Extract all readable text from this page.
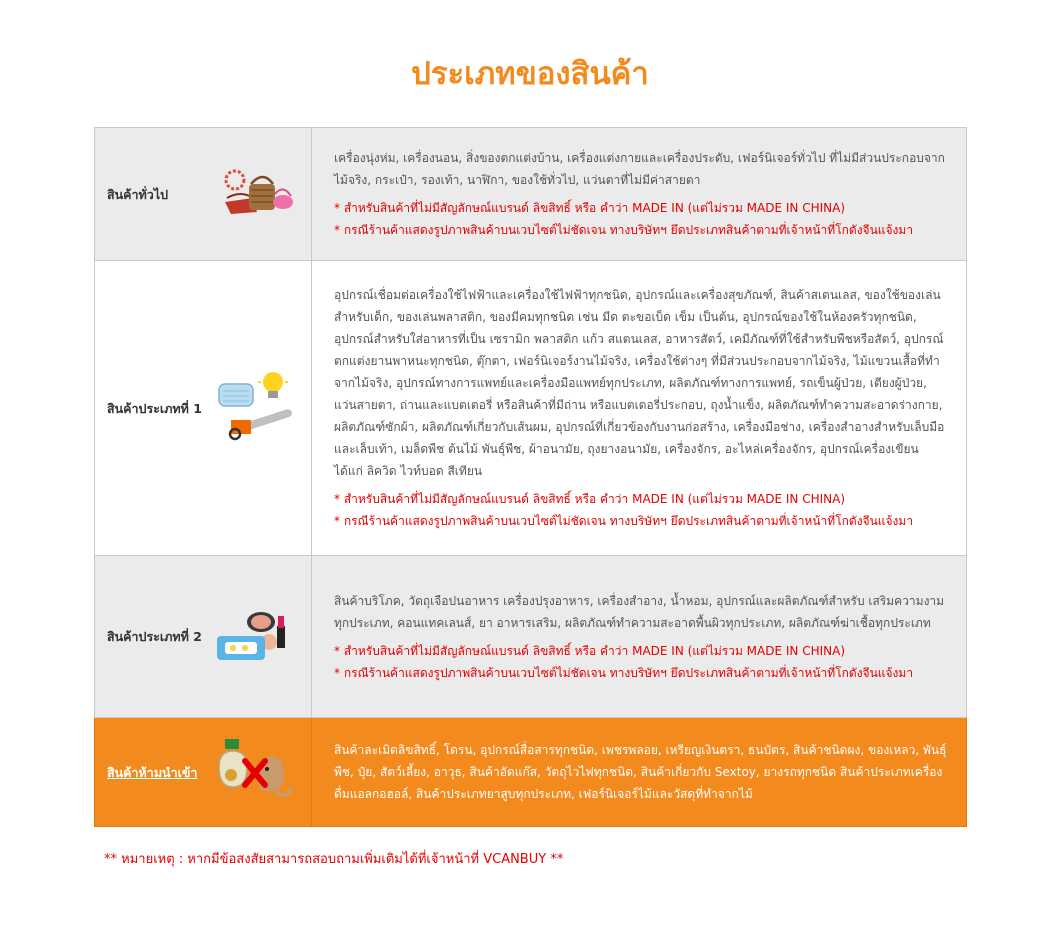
ประเภทของสินค้า
สินค้าทั่วไป	เครื่องนุ่งห่ม, เครื่องนอน, สิ่งของตกแต่งบ้าน, เครื่องแต่งกายและเครื่องประดับ, เฟอร์นิเจอร์ทั่วไป ที่ไม่มีส่วนประกอบจากไม้จริง, กระเป๋า, รองเท้า, นาฬิกา, ของใช้ทั่วไป, แว่นตาที่ไม่มีค่าสายตา

* สำหรับสินค้าที่ไม่มีสัญลักษณ์แบรนด์ ลิขสิทธิ์ หรือ คำว่า MADE IN (แต่ไม่รวม MADE IN CHINA)

* กรณีร้านค้าแสดงรูปภาพสินค้าบนเวบไซต์ไม่ชัดเจน ทางบริษัทฯ ยึดประเภทสินค้าตามที่เจ้าหน้าที่โกดังจีนแจ้งมา

สินค้าประเภทที่ 1	อุปกรณ์เชื่อมต่อเครื่องใช้ไฟฟ้าและเครื่องใช้ไฟฟ้าทุกชนิด, อุปกรณ์และเครื่องสุขภัณฑ์, สินค้าสเตนเลส, ของใช้ของเล่นสำหรับเด็ก, ของเล่นพลาสติก, ของมีคมทุกชนิด เช่น มีด ตะขอเบ็ด เข็ม เป็นต้น, อุปกรณ์ของใช้ในห้องครัวทุกชนิด, อุปกรณ์สำหรับใส่อาหารที่เป็น เซรามิก พลาสติก แก้ว สแตนเลส, อาหารสัตว์, เคมีภัณฑ์ที่ใช้สำหรับพืชหรือสัตว์, อุปกรณ์ตกแต่งยานพาหนะทุกชนิด, ตุ๊กตา, เฟอร์นิเจอร์งานไม้จริง, เครื่องใช้ต่างๆ ที่มีส่วนประกอบจากไม้จริง, ไม้แขวนเสื้อที่ทำจากไม้จริง, อุปกรณ์ทางการแพทย์และเครื่องมือแพทย์ทุกประเภท, ผลิตภัณฑ์ทางการแพทย์, รถเข็นผู้ป่วย, เตียงผู้ป่วย, แว่นสายตา, ถ่านและแบตเตอรี่ หรือสินค้าที่มีถ่าน หรือแบตเตอรี่ประกอบ, ถุงน้ำแข็ง, ผลิตภัณฑ์ทำความสะอาดร่างกาย, ผลิตภัณฑ์ซักผ้า, ผลิตภัณฑ์เกี่ยวกับเส้นผม, อุปกรณ์ที่เกี่ยวข้องกับงานก่อสร้าง, เครื่องมือช่าง, เครื่องสำอางสำหรับเล็บมือและเล็บเท้า, เมล็ดพืช ต้นไม้ พันธุ์พืช, ผ้าอนามัย, ถุงยางอนามัย, เครื่องจักร, อะไหล่เครื่องจักร, อุปกรณ์เครื่องเขียน ได้แก่ ลิควิด ไวท์บอด สีเทียน

* สำหรับสินค้าที่ไม่มีสัญลักษณ์แบรนด์ ลิขสิทธิ์ หรือ คำว่า MADE IN (แต่ไม่รวม MADE IN CHINA)

* กรณีร้านค้าแสดงรูปภาพสินค้าบนเวบไซต์ไม่ชัดเจน ทางบริษัทฯ ยึดประเภทสินค้าตามที่เจ้าหน้าที่โกดังจีนแจ้งมา

สินค้าประเภทที่ 2	สินค้าบริโภค, วัตถุเจือปนอาหาร เครื่องปรุงอาหาร, เครื่องสำอาง, น้ำหอม, อุปกรณ์และผลิตภัณฑ์สำหรับ เสริมความงามทุกประเภท, คอนแทคเลนส์, ยา อาหารเสริม, ผลิตภัณฑ์ทำความสะอาดพื้นผิวทุกประเภท, ผลิตภัณฑ์ฆ่าเชื้อทุกประเภท

* สำหรับสินค้าที่ไม่มีสัญลักษณ์แบรนด์ ลิขสิทธิ์ หรือ คำว่า MADE IN (แต่ไม่รวม MADE IN CHINA)

* กรณีร้านค้าแสดงรูปภาพสินค้าบนเวบไซต์ไม่ชัดเจน ทางบริษัทฯ ยึดประเภทสินค้าตามที่เจ้าหน้าที่โกดังจีนแจ้งมา

สินค้าห้ามนำเข้า	สินค้าละเมิดลิขสิทธิ์, โดรน, อุปกรณ์สื่อสารทุกชนิด, เพชรพลอย, เหรียญเงินตรา, ธนบัตร, สินค้าชนิดผง, ของเหลว, พันธุ์พืช, ปุ๋ย, สัตว์เลี้ยง, อาวุธ, สินค้าอัดแก๊ส, วัตถุไวไฟทุกชนิด, สินค้าเกี่ยวกับ Sextoy, ยางรถทุกชนิด สินค้าประเภทเครื่องดื่มแอลกอฮอล์, สินค้าประเภทยาสูบทุกประเภท, เฟอร์นิเจอร์ไม้และวัสดุที่ทำจากไม้

** หมายเหตุ : หากมีข้อสงสัยสามารถสอบถามเพิ่มเติมได้ที่เจ้าหน้าที่ VCANBUY **
